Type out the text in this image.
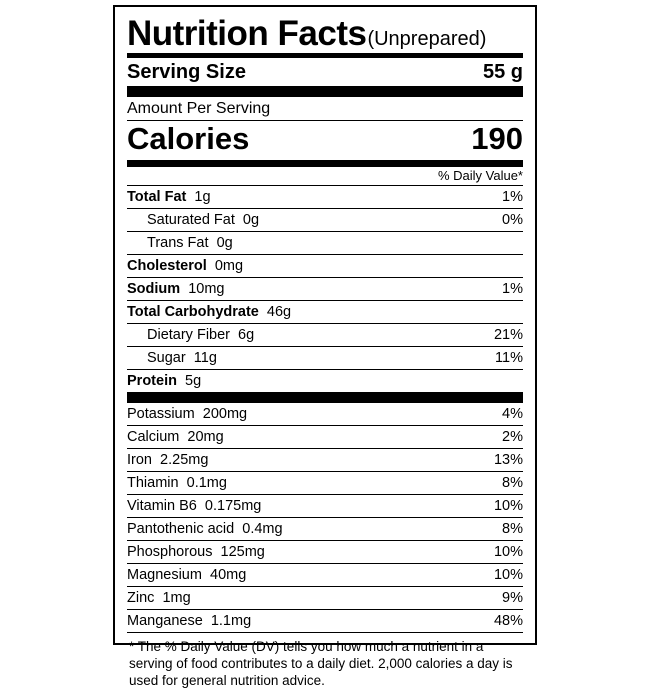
Nutrition Facts (Unprepared)
Serving Size	55 g
Amount Per Serving
Calories	190
% Daily Value*
Total Fat  1g	1%
Saturated Fat  0g	0%
Trans Fat  0g
Cholesterol  0mg
Sodium  10mg	1%
Total Carbohydrate  46g
Dietary Fiber  6g	21%
Sugar  11g	11%
Protein  5g
Potassium  200mg	4%
Calcium  20mg	2%
Iron  2.25mg	13%
Thiamin  0.1mg	8%
Vitamin B6  0.175mg	10%
Pantothenic acid  0.4mg	8%
Phosphorous  125mg	10%
Magnesium  40mg	10%
Zinc  1mg	9%
Manganese  1.1mg	48%
* The % Daily Value (DV) tells you how much a nutrient in a serving of food contributes to a daily diet. 2,000 calories a day is used for general nutrition advice.
